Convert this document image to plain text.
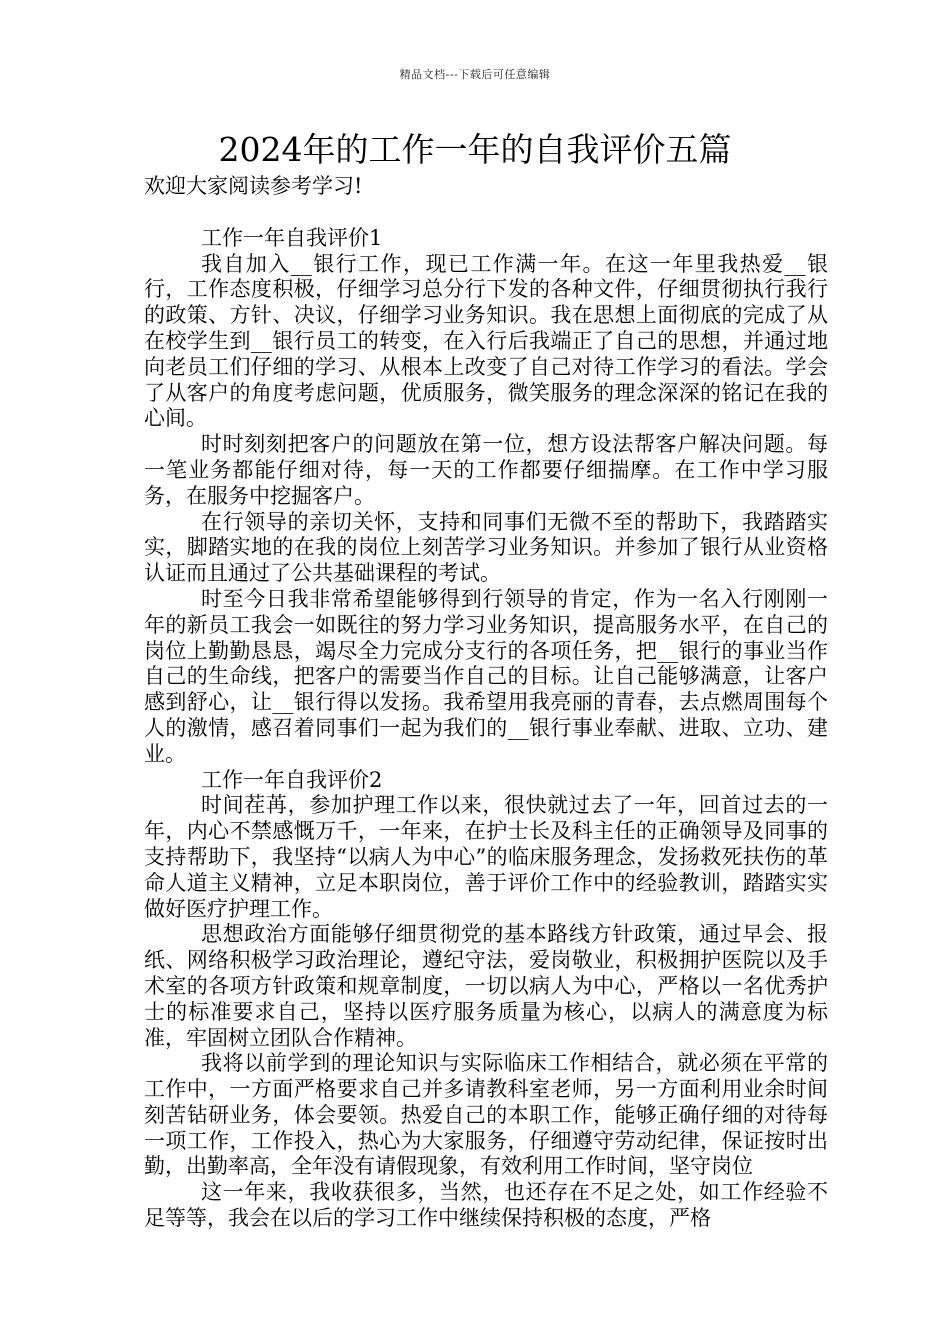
精品文档---下载后可任意编辑
2024年的工作一年的自我评价五篇

欢迎大家阅读参考学习!

工作一年自我评价1

我自加入__银行工作，现已工作满一年。在这一年里我热爱__银行，工作态度积极，仔细学习总分行下发的各种文件，仔细贯彻执行我行的政策、方针、决议，仔细学习业务知识。我在思想上面彻底的完成了从在校学生到__银行员工的转变，在入行后我端正了自己的思想，并通过地向老员工们仔细的学习、从根本上改变了自己对待工作学习的看法。学会了从客户的角度考虑问题，优质服务，微笑服务的理念深深的铭记在我的心间。

时时刻刻把客户的问题放在第一位，想方设法帮客户解决问题。每一笔业务都能仔细对待，每一天的工作都要仔细揣摩。在工作中学习服务，在服务中挖掘客户。

在行领导的亲切关怀，支持和同事们无微不至的帮助下，我踏踏实实，脚踏实地的在我的岗位上刻苦学习业务知识。并参加了银行从业资格认证而且通过了公共基础课程的考试。

时至今日我非常希望能够得到行领导的肯定，作为一名入行刚刚一年的新员工我会一如既往的努力学习业务知识，提高服务水平，在自己的岗位上勤勤恳恳，竭尽全力完成分支行的各项任务，把__银行的事业当作自己的生命线，把客户的需要当作自己的目标。让自己能够满意，让客户感到舒心，让__银行得以发扬。我希望用我亮丽的青春，去点燃周围每个人的激情，感召着同事们一起为我们的__银行事业奉献、进取、立功、建业。

工作一年自我评价2

时间茬苒，参加护理工作以来，很快就过去了一年，回首过去的一年，内心不禁感慨万千，一年来，在护士长及科主任的正确领导及同事的支持帮助下，我坚持“以病人为中心”的临床服务理念，发扬救死扶伤的革命人道主义精神，立足本职岗位，善于评价工作中的经验教训，踏踏实实做好医疗护理工作。

思想政治方面能够仔细贯彻党的基本路线方针政策，通过早会、报纸、网络积极学习政治理论，遵纪守法，爱岗敬业，积极拥护医院以及手术室的各项方针政策和规章制度，一切以病人为中心，严格以一名优秀护士的标准要求自己，坚持以医疗服务质量为核心，以病人的满意度为标准，牢固树立团队合作精神。

我将以前学到的理论知识与实际临床工作相结合，就必须在平常的工作中，一方面严格要求自己并多请教科室老师，另一方面利用业余时间刻苦钻研业务，体会要领。热爱自己的本职工作，能够正确仔细的对待每一项工作，工作投入，热心为大家服务，仔细遵守劳动纪律，保证按时出勤，出勤率高，全年没有请假现象，有效利用工作时间，坚守岗位

这一年来，我收获很多，当然，也还存在不足之处，如工作经验不足等等，我会在以后的学习工作中继续保持积极的态度，严格
